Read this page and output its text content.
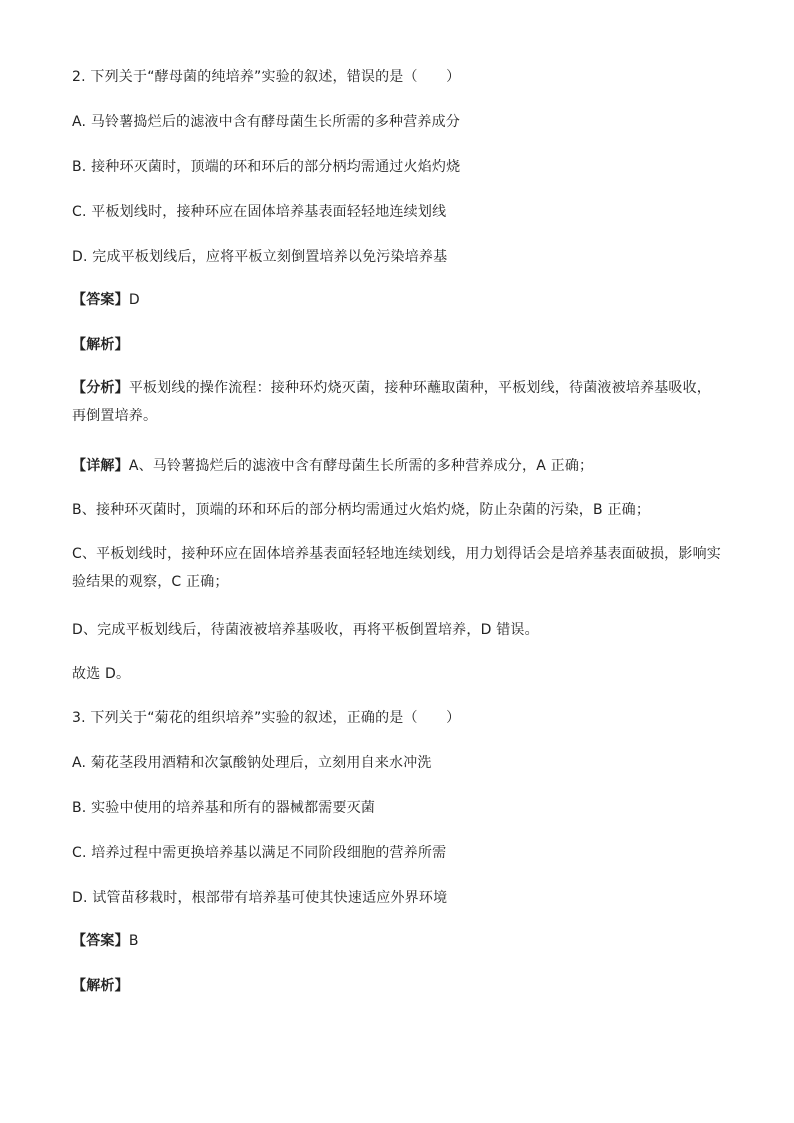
2. 下列关于“酵母菌的纯培养”实验的叙述，错误的是（　　）
A. 马铃薯捣烂后的滤液中含有酵母菌生长所需的多种营养成分
B. 接种环灭菌时，顶端的环和环后的部分柄均需通过火焰灼烧
C. 平板划线时，接种环应在固体培养基表面轻轻地连续划线
D. 完成平板划线后，应将平板立刻倒置培养以免污染培养基
【答案】D
【解析】
【分析】平板划线的操作流程：接种环灼烧灭菌，接种环蘸取菌种，平板划线，待菌液被培养基吸收，再倒置培养。
【详解】A、马铃薯捣烂后的滤液中含有酵母菌生长所需的多种营养成分，A 正确；
B、接种环灭菌时，顶端的环和环后的部分柄均需通过火焰灼烧，防止杂菌的污染，B 正确；
C、平板划线时，接种环应在固体培养基表面轻轻地连续划线，用力划得话会是培养基表面破损，影响实验结果的观察，C 正确；
D、完成平板划线后，待菌液被培养基吸收，再将平板倒置培养，D 错误。
故选 D。
3. 下列关于“菊花的组织培养”实验的叙述，正确的是（　　）
A. 菊花茎段用酒精和次氯酸钠处理后，立刻用自来水冲洗
B. 实验中使用的培养基和所有的器械都需要灭菌
C. 培养过程中需更换培养基以满足不同阶段细胞的营养所需
D. 试管苗移栽时，根部带有培养基可使其快速适应外界环境
【答案】B
【解析】
